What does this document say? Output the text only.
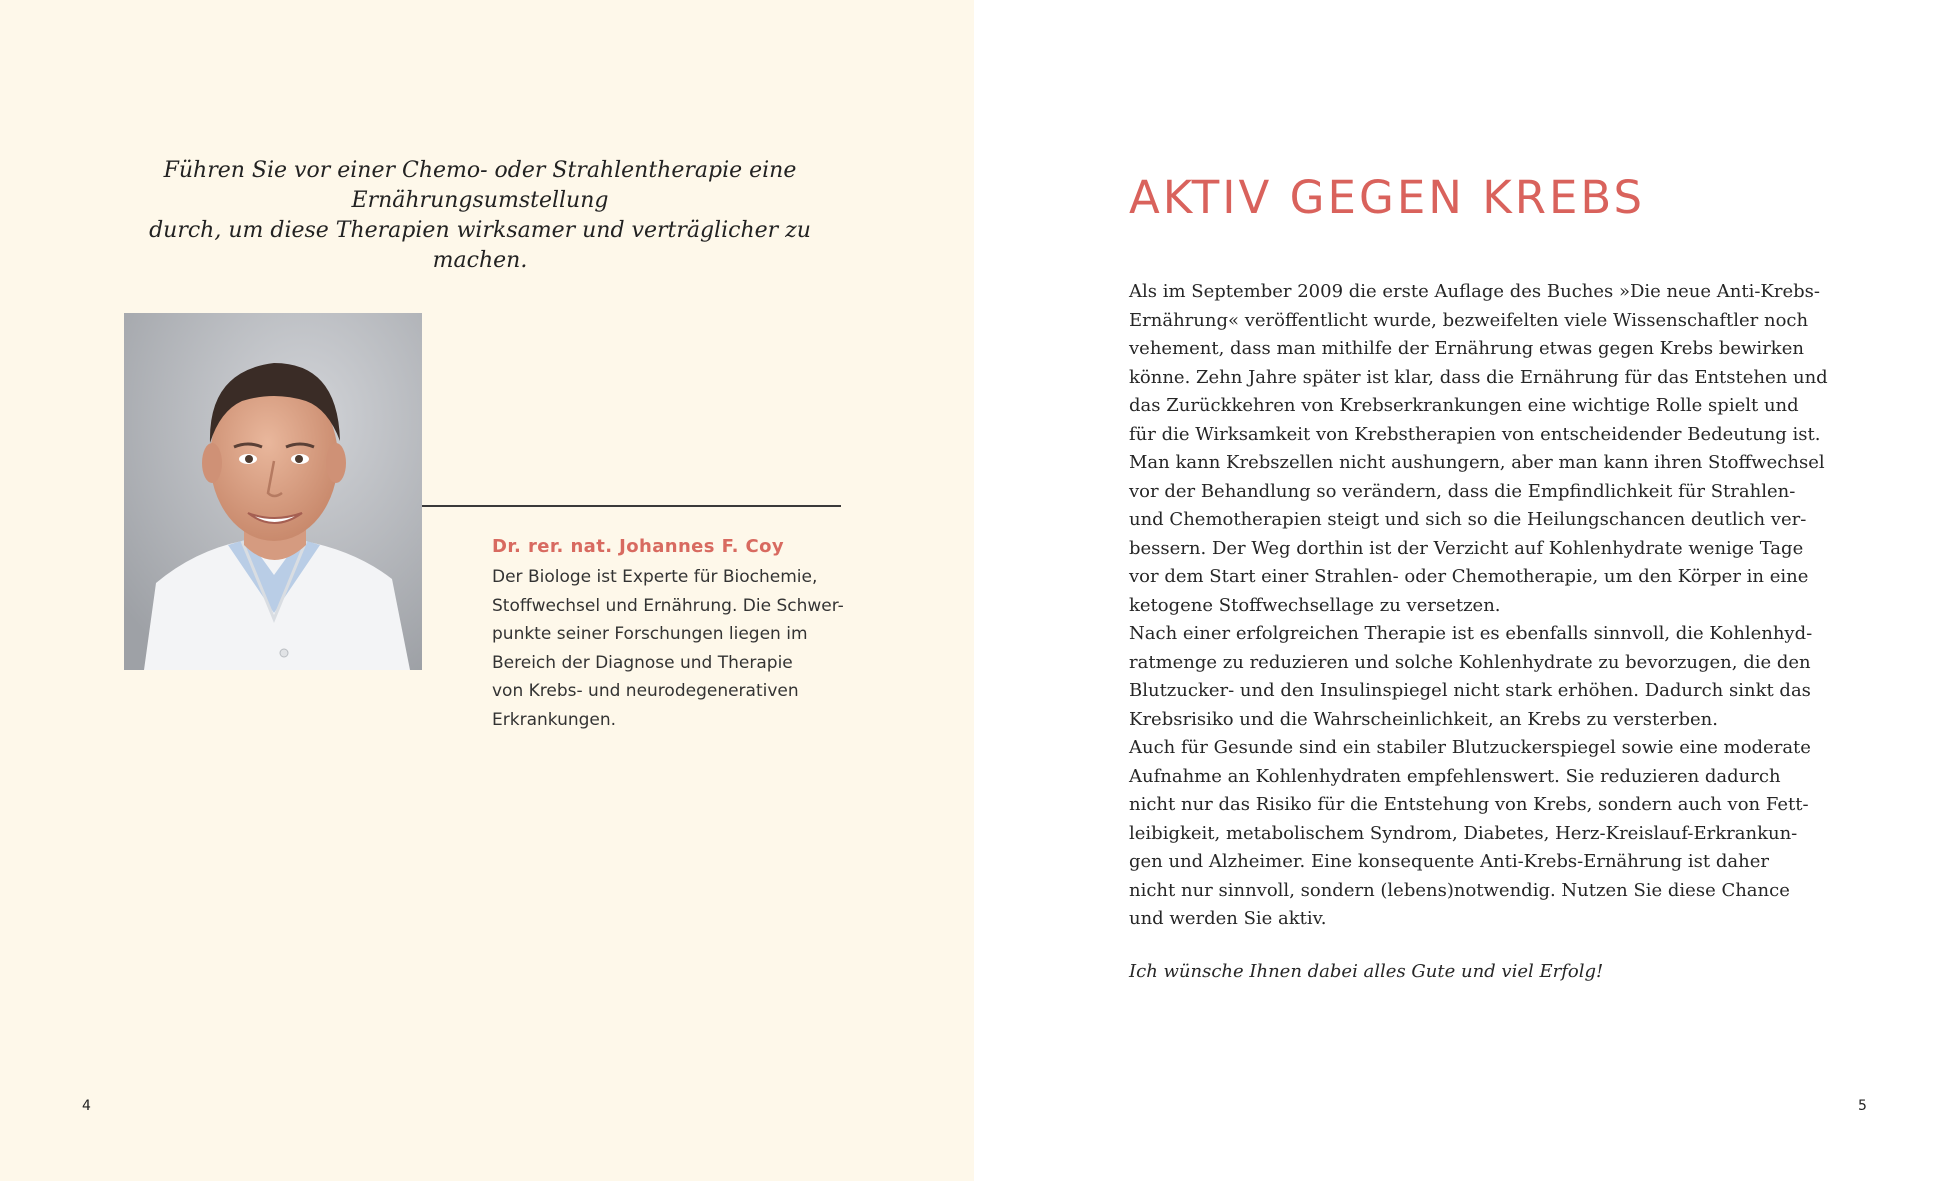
Führen Sie vor einer Chemo- oder Strahlentherapie eine Ernährungsumstellung
durch, um diese Therapien wirksamer und verträglicher zu machen.
Dr. rer. nat. Johannes F. Coy
Der Biologe ist Experte für Biochemie,
Stoffwechsel und Ernährung. Die Schwer-
punkte seiner Forschungen liegen im
Bereich der Diagnose und Therapie
von Krebs- und neurodegenerativen
Erkrankungen.
4
AKTIV GEGEN KREBS
Als im September 2009 die erste Auflage des Buches »Die neue Anti-Krebs-
Ernährung« veröffentlicht wurde, bezweifelten viele Wissenschaftler noch
vehement, dass man mithilfe der Ernährung etwas gegen Krebs bewirken
könne. Zehn Jahre später ist klar, dass die Ernährung für das Entstehen und
das Zurückkehren von Krebserkrankungen eine wichtige Rolle spielt und
für die Wirksamkeit von Krebstherapien von entscheidender Bedeutung ist.
Man kann Krebszellen nicht aushungern, aber man kann ihren Stoffwechsel
vor der Behandlung so verändern, dass die Empfindlichkeit für Strahlen-
und Chemotherapien steigt und sich so die Heilungschancen deutlich ver-
bessern. Der Weg dorthin ist der Verzicht auf Kohlenhydrate wenige Tage
vor dem Start einer Strahlen- oder Chemotherapie, um den Körper in eine
ketogene Stoffwechsellage zu versetzen.
Nach einer erfolgreichen Therapie ist es ebenfalls sinnvoll, die Kohlenhyd-
ratmenge zu reduzieren und solche Kohlenhydrate zu bevorzugen, die den
Blutzucker- und den Insulinspiegel nicht stark erhöhen. Dadurch sinkt das
Krebsrisiko und die Wahrscheinlichkeit, an Krebs zu versterben.
Auch für Gesunde sind ein stabiler Blutzuckerspiegel sowie eine moderate
Aufnahme an Kohlenhydraten empfehlenswert. Sie reduzieren dadurch
nicht nur das Risiko für die Entstehung von Krebs, sondern auch von Fett-
leibigkeit, metabolischem Syndrom, Diabetes, Herz-Kreislauf-Erkrankun-
gen und Alzheimer. Eine konsequente Anti-Krebs-Ernährung ist daher
nicht nur sinnvoll, sondern (lebens)notwendig. Nutzen Sie diese Chance
und werden Sie aktiv.
Ich wünsche Ihnen dabei alles Gute und viel Erfolg!
5
